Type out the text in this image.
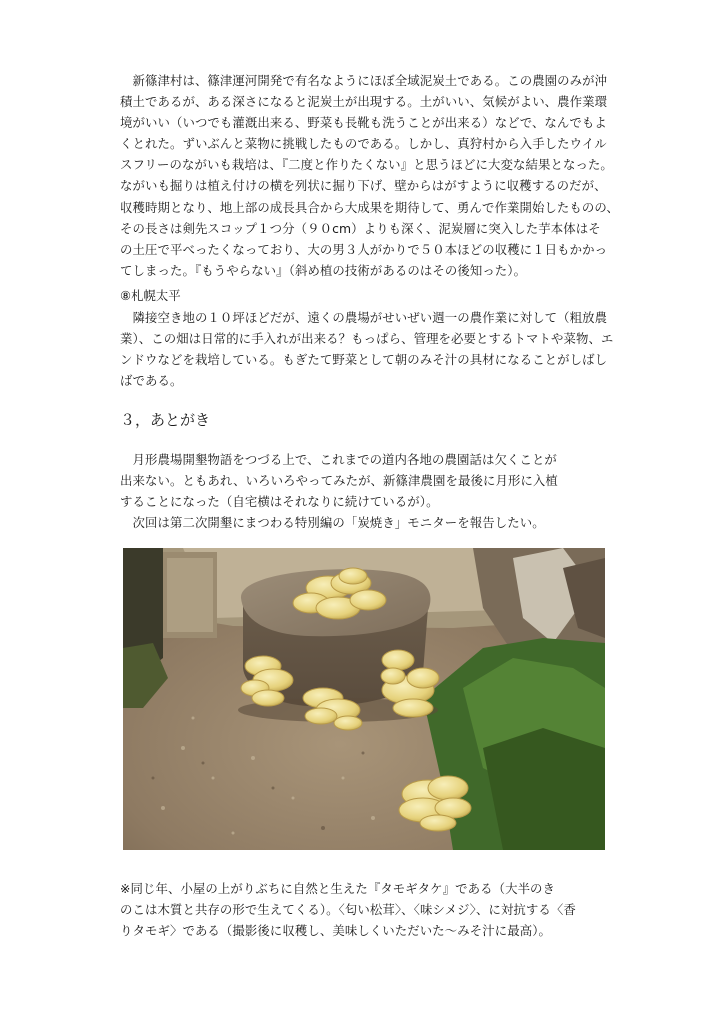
　新篠津村は、篠津運河開発で有名なようにほぼ全域泥炭土である。この農園のみが沖
積土であるが、ある深さになると泥炭土が出現する。土がいい、気候がよい、農作業環
境がいい（いつでも灌漑出来る、野菜も長靴も洗うことが出来る）などで、なんでもよ
くとれた。ずいぶんと菜物に挑戦したものである。しかし、真狩村から入手したウイル
スフリーのながいも栽培は、『二度と作りたくない』と思うほどに大変な結果となった。
ながいも掘りは植え付けの横を列状に掘り下げ、壁からはがすように収穫するのだが、
収穫時期となり、地上部の成長具合から大成果を期待して、勇んで作業開始したものの、
その長さは剣先スコップ１つ分（９０cm）よりも深く、泥炭層に突入した芋本体はそ
の土圧で平べったくなっており、大の男３人がかりで５０本ほどの収穫に１日もかかっ
てしまった。『もうやらない』（斜め植の技術があるのはその後知った）。

⑧札幌太平

　隣接空き地の１０坪ほどだが、遠くの農場がせいぜい週一の農作業に対して（粗放農
業）、この畑は日常的に手入れが出来る？もっぱら、管理を必要とするトマトや菜物、エ
ンドウなどを栽培している。もぎたて野菜として朝のみそ汁の具材になることがしばし
ばである。
３，あとがき
　月形農場開墾物語をつづる上で、これまでの道内各地の農園話は欠くことが
出来ない。ともあれ、いろいろやってみたが、新篠津農園を最後に月形に入植
することになった（自宅横はそれなりに続けているが）。
　次回は第二次開墾にまつわる特別編の「炭焼き」モニターを報告したい。
※同じ年、小屋の上がりぶちに自然と生えた『タモギタケ』である（大半のき
のこは木質と共存の形で生えてくる）。〈匂い松茸〉、〈味シメジ〉、に対抗する〈香
りタモギ〉である（撮影後に収穫し、美味しくいただいた～みそ汁に最高）。
